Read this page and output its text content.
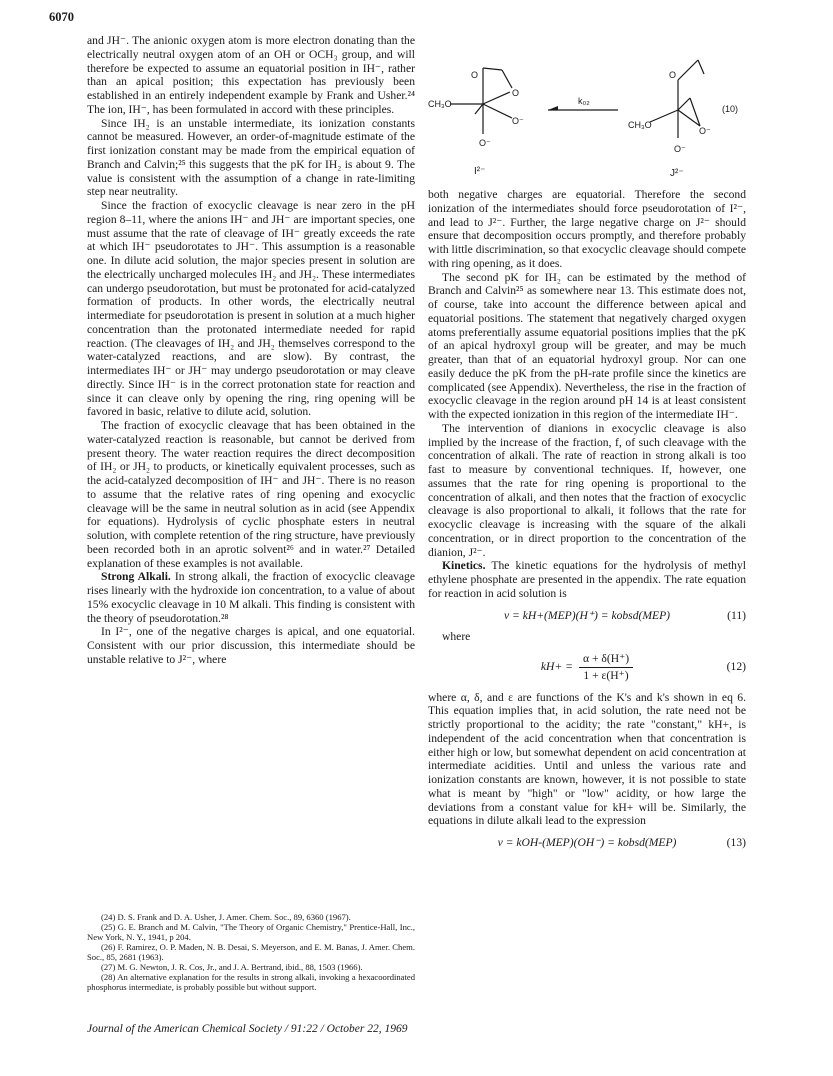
6070

and JH⁻. The anionic oxygen atom is more electron donating than the electrically neutral oxygen atom of an OH or OCH₃ group, and will therefore be expected to assume an equatorial position in IH⁻, rather than an apical position; this expectation has previously been established in an entirely independent example by Frank and Usher.²⁴ The ion, IH⁻, has been formulated in accord with these principles.

Since IH₂ is an unstable intermediate, its ionization constants cannot be measured. However, an order-of-magnitude estimate of the first ionization constant may be made from the empirical equation of Branch and Calvin;²⁵ this suggests that the pK for IH₂ is about 9. The value is consistent with the assumption of a change in rate-limiting step near neutrality.

Since the fraction of exocyclic cleavage is near zero in the pH region 8–11, where the anions IH⁻ and JH⁻ are important species, one must assume that the rate of cleavage of IH⁻ greatly exceeds the rate at which IH⁻ pseudorotates to JH⁻. This assumption is a reasonable one. In dilute acid solution, the major species present in solution are the electrically uncharged molecules IH₂ and JH₂. These intermediates can undergo pseudorotation, but must be protonated for acid-catalyzed formation of products. In other words, the electrically neutral intermediate for pseudorotation is present in solution at a much higher concentration than the protonated intermediate needed for rapid reaction. (The cleavages of IH₂ and JH₂ themselves correspond to the water-catalyzed reactions, and are slow). By contrast, the intermediates IH⁻ or JH⁻ may undergo pseudorotation or may cleave directly. Since IH⁻ is in the correct protonation state for reaction and since it can cleave only by opening the ring, ring opening will be favored in basic, relative to dilute acid, solution.

The fraction of exocyclic cleavage that has been obtained in the water-catalyzed reaction is reasonable, but cannot be derived from present theory. The water reaction requires the direct decomposition of IH₂ or JH₂ to products, or kinetically equivalent processes, such as the acid-catalyzed decomposition of IH⁻ and JH⁻. There is no reason to assume that the relative rates of ring opening and exocyclic cleavage will be the same in neutral solution as in acid (see Appendix for equations). Hydrolysis of cyclic phosphate esters in neutral solution, with complete retention of the ring structure, have previously been recorded both in an aprotic solvent²⁶ and in water.²⁷ Detailed explanation of these examples is not available.

Strong Alkali. In strong alkali, the fraction of exocyclic cleavage rises linearly with the hydroxide ion concentration, to a value of about 15% exocyclic cleavage in 10 M alkali. This finding is consistent with the theory of pseudorotation.²⁸

In I²⁻, one of the negative charges is apical, and one equatorial. Consistent with our prior discussion, this intermediate should be unstable relative to J²⁻, where

(24) D. S. Frank and D. A. Usher, J. Amer. Chem. Soc., 89, 6360 (1967).

(25) G. E. Branch and M. Calvin, "The Theory of Organic Chemistry," Prentice-Hall, Inc., New York, N. Y., 1941, p 204.

(26) F. Ramirez, O. P. Maden, N. B. Desai, S. Meyerson, and E. M. Banas, J. Amer. Chem. Soc., 85, 2681 (1963).

(27) M. G. Newton, J. R. Cos, Jr., and J. A. Bertrand, ibid., 88, 1503 (1966).

(28) An alternative explanation for the results in strong alkali, invoking a hexacoordinated phosphorus intermediate, is probably possible but without support.

O
CH₃O
O
O⁻
O⁻
I²⁻
k₀₂
O
CH₃O
O⁻
O⁻
(10)
J²⁻

both negative charges are equatorial. Therefore the second ionization of the intermediates should force pseudorotation of I²⁻, and lead to J²⁻. Further, the large negative charge on J²⁻ should ensure that decomposition occurs promptly, and therefore probably with little discrimination, so that exocyclic cleavage should compete with ring opening, as it does.

The second pK for IH₂ can be estimated by the method of Branch and Calvin²⁵ as somewhere near 13. This estimate does not, of course, take into account the difference between apical and equatorial positions. The statement that negatively charged oxygen atoms preferentially assume equatorial positions implies that the pK of an apical hydroxyl group will be greater, and may be much greater, than that of an equatorial hydroxyl group. Nor can one easily deduce the pK from the pH-rate profile since the kinetics are complicated (see Appendix). Nevertheless, the rise in the fraction of exocyclic cleavage in the region around pH 14 is at least consistent with the expected ionization in this region of the intermediate IH⁻.

The intervention of dianions in exocyclic cleavage is also implied by the increase of the fraction, f, of such cleavage with the concentration of alkali. The rate of reaction in strong alkali is too fast to measure by conventional techniques. If, however, one assumes that the rate for ring opening is proportional to the concentration of alkali, and then notes that the fraction of exocyclic cleavage is also proportional to alkali, it follows that the rate for exocyclic cleavage is increasing with the square of the alkali concentration, or in direct proportion to the concentration of the dianion, J²⁻.

Kinetics. The kinetic equations for the hydrolysis of methyl ethylene phosphate are presented in the appendix. The rate equation for reaction in acid solution is

v = kH+(MEP)(H⁺) = kobsd(MEP)	(11)

where

$kH+ = \frac{\alpha + \delta(H^+)}{1 + \varepsilon(H^+)}$	(12)

where α, δ, and ε are functions of the K's and k's shown in eq 6. This equation implies that, in acid solution, the rate need not be strictly proportional to the acidity; the rate "constant," kH+, is independent of the acid concentration when that concentration is either high or low, but somewhat dependent on acid concentration at intermediate acidities. Until and unless the various rate and ionization constants are known, however, it is not possible to state what is meant by "high" or "low" acidity, or how large the deviations from a constant value for kH+ will be. Similarly, the equations in dilute alkali lead to the expression

v = kOH-(MEP)(OH⁻) = kobsd(MEP)	(13)
Journal of the American Chemical Society / 91:22 / October 22, 1969
